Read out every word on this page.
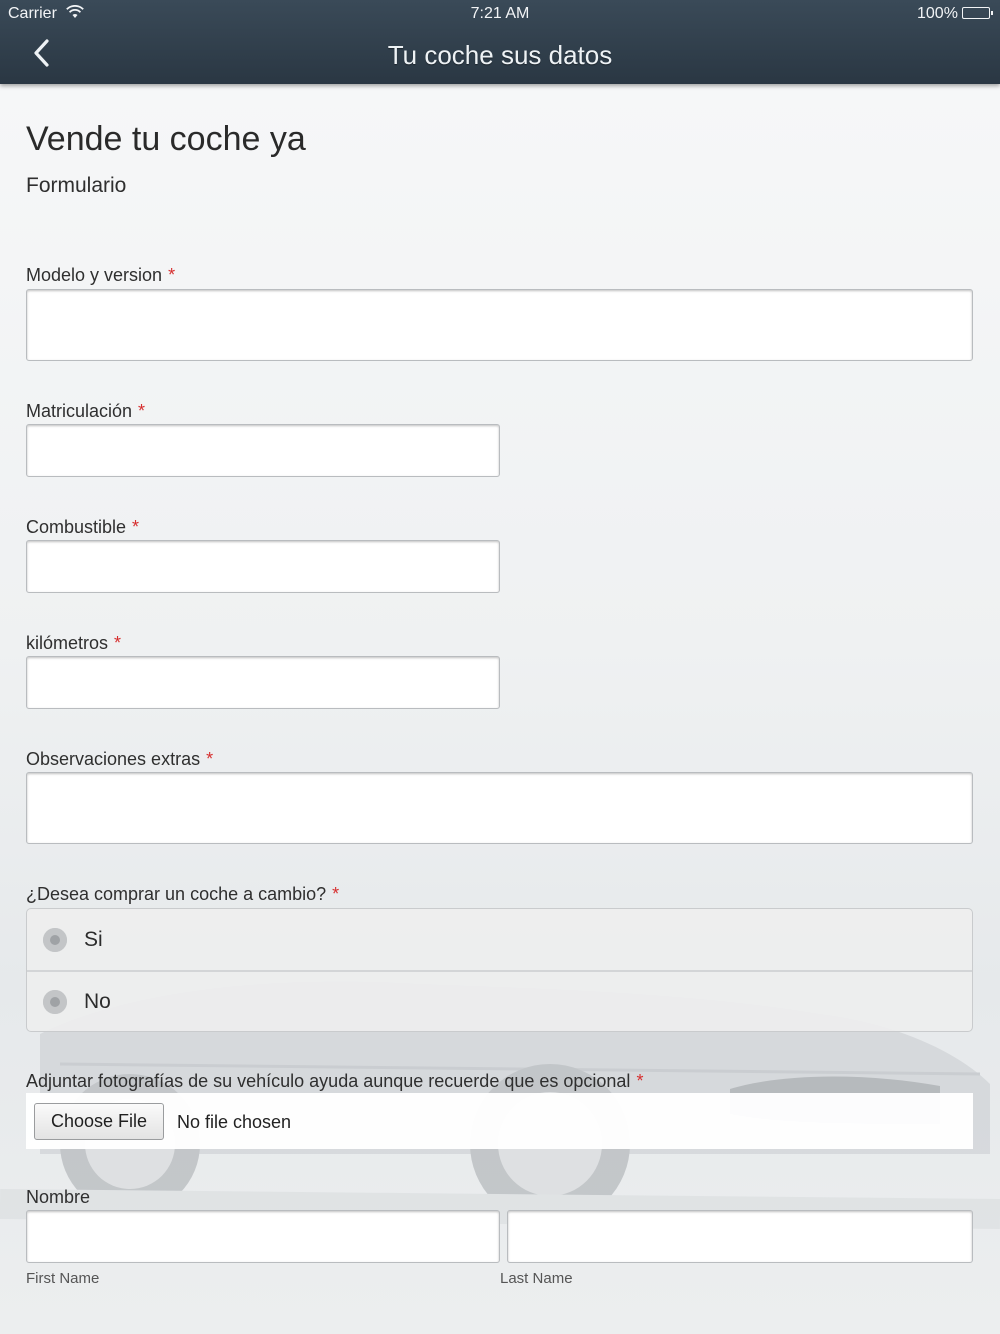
Carrier	7:21 AM	100%
Tu coche sus datos
Vende tu coche ya
Formulario
Modelo y version *
Matriculación *
Combustible *
kilómetros *
Observaciones extras *
¿Desea comprar un coche a cambio? *
Si
No
Adjuntar fotografías de su vehículo ayuda aunque recuerde que es opcional *
Choose File	No file chosen
Nombre
First Name	Last Name
